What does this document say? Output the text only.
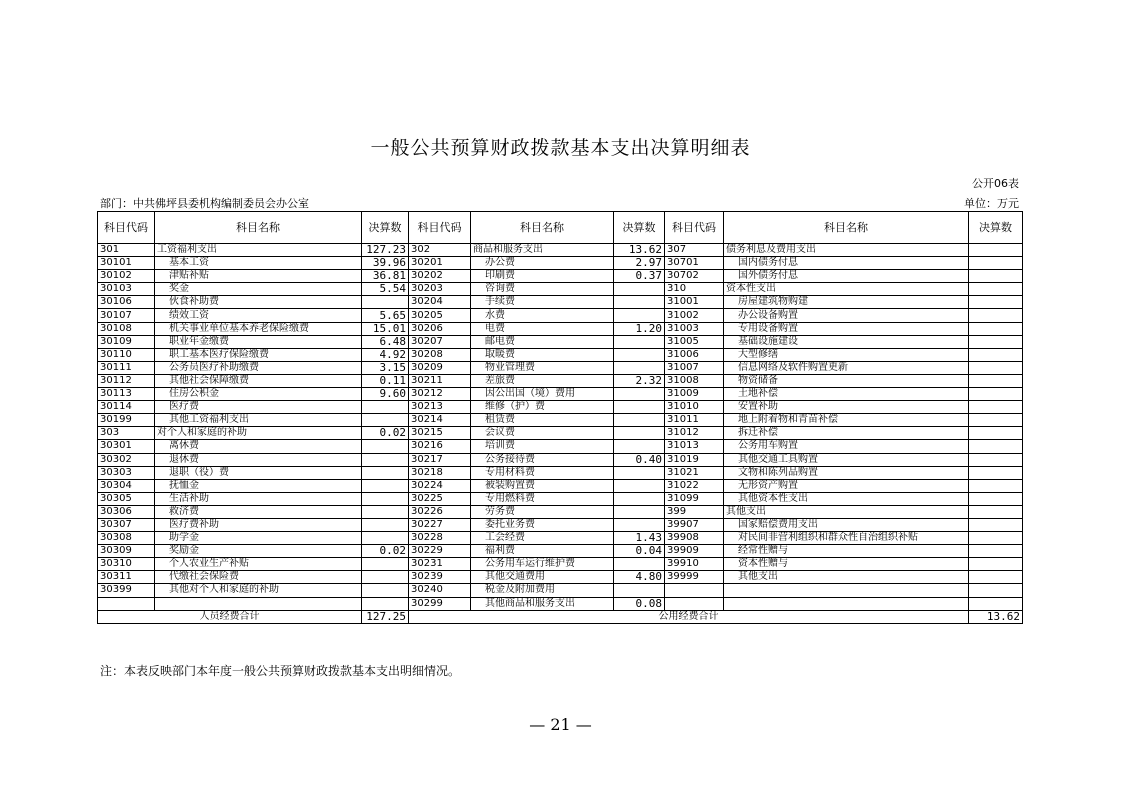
一般公共预算财政拨款基本支出决算明细表
公开06表
部门：中共佛坪县委机构编制委员会办公室	单位：万元
科目代码	科目名称	决算数	科目代码	科目名称	决算数	科目代码	科目名称	决算数
301	工资福利支出	127.23	302	商品和服务支出	13.62	307	债务利息及费用支出	
30101	基本工资	39.96	30201	办公费	2.97	30701	国内债务付息	
30102	津贴补贴	36.81	30202	印刷费	0.37	30702	国外债务付息	
30103	奖金	5.54	30203	咨询费		310	资本性支出	
30106	伙食补助费		30204	手续费		31001	房屋建筑物购建	
30107	绩效工资	5.65	30205	水费		31002	办公设备购置	
30108	机关事业单位基本养老保险缴费	15.01	30206	电费	1.20	31003	专用设备购置	
30109	职业年金缴费	6.48	30207	邮电费		31005	基础设施建设	
30110	职工基本医疗保险缴费	4.92	30208	取暖费		31006	大型修缮	
30111	公务员医疗补助缴费	3.15	30209	物业管理费		31007	信息网络及软件购置更新	
30112	其他社会保障缴费	0.11	30211	差旅费	2.32	31008	物资储备	
30113	住房公积金	9.60	30212	因公出国（境）费用		31009	土地补偿	
30114	医疗费		30213	维修（护）费		31010	安置补助	
30199	其他工资福利支出		30214	租赁费		31011	地上附着物和青苗补偿	
303	对个人和家庭的补助	0.02	30215	会议费		31012	拆迁补偿	
30301	离休费		30216	培训费		31013	公务用车购置	
30302	退休费		30217	公务接待费	0.40	31019	其他交通工具购置	
30303	退职（役）费		30218	专用材料费		31021	文物和陈列品购置	
30304	抚恤金		30224	被装购置费		31022	无形资产购置	
30305	生活补助		30225	专用燃料费		31099	其他资本性支出	
30306	救济费		30226	劳务费		399	其他支出	
30307	医疗费补助		30227	委托业务费		39907	国家赔偿费用支出	
30308	助学金		30228	工会经费	1.43	39908	对民间非营利组织和群众性自治组织补贴	
30309	奖励金	0.02	30229	福利费	0.04	39909	经常性赠与	
30310	个人农业生产补贴		30231	公务用车运行维护费		39910	资本性赠与	
30311	代缴社会保险费		30239	其他交通费用	4.80	39999	其他支出	
30399	其他对个人和家庭的补助		30240	税金及附加费用				
			30299	其他商品和服务支出	0.08			
人员经费合计		127.25	公用经费合计					13.62
注：本表反映部门本年度一般公共预算财政拨款基本支出明细情况。
— 21 —
